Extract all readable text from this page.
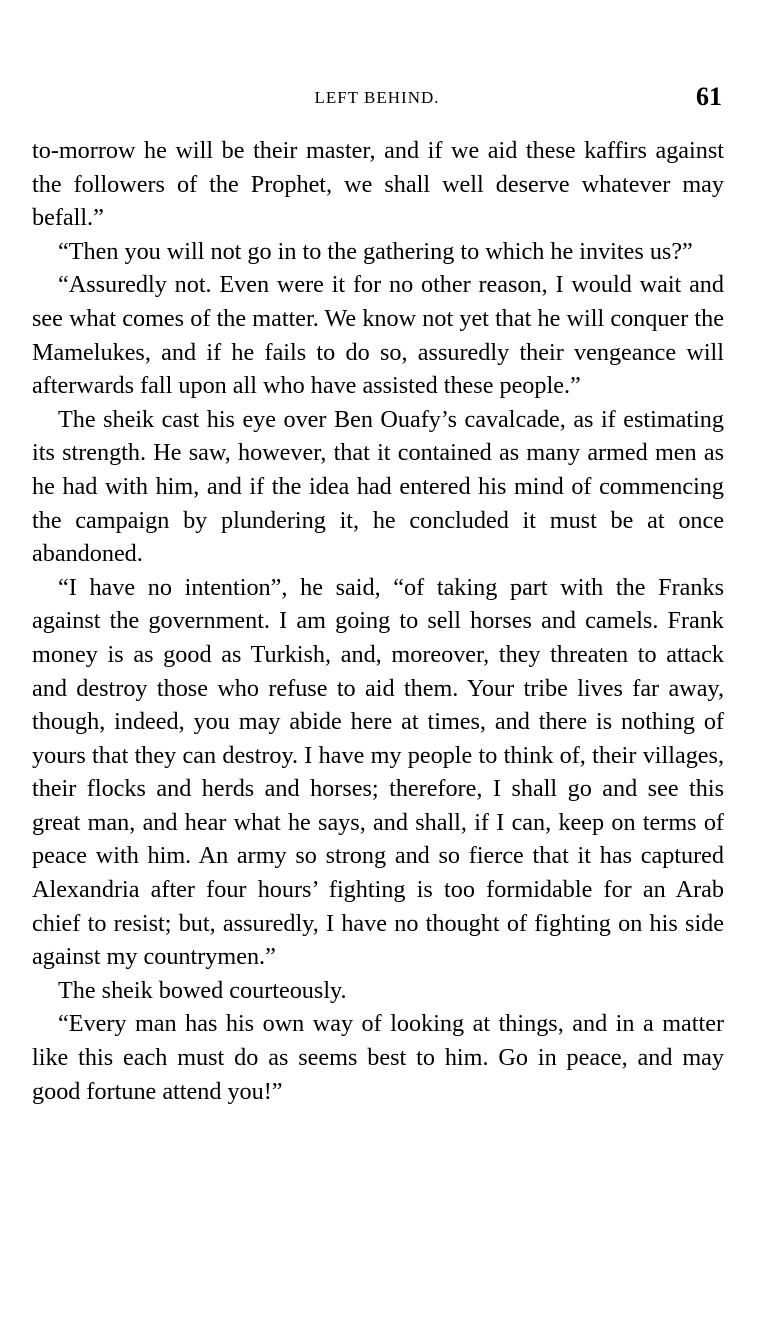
LEFT BEHIND.	61

to-morrow he will be their master, and if we aid these kaffirs against the followers of the Prophet, we shall well deserve whatever may befall.”

“Then you will not go in to the gathering to which he invites us?”

“Assuredly not. Even were it for no other reason, I would wait and see what comes of the matter. We know not yet that he will conquer the Mamelukes, and if he fails to do so, assuredly their vengeance will afterwards fall upon all who have assisted these people.”

The sheik cast his eye over Ben Ouafy’s cavalcade, as if estimating its strength. He saw, however, that it contained as many armed men as he had with him, and if the idea had entered his mind of commencing the campaign by plundering it, he concluded it must be at once abandoned.

“I have no intention”, he said, “of taking part with the Franks against the government. I am going to sell horses and camels. Frank money is as good as Turkish, and, moreover, they threaten to attack and destroy those who refuse to aid them. Your tribe lives far away, though, indeed, you may abide here at times, and there is nothing of yours that they can destroy. I have my people to think of, their villages, their flocks and herds and horses; therefore, I shall go and see this great man, and hear what he says, and shall, if I can, keep on terms of peace with him. An army so strong and so fierce that it has captured Alexandria after four hours’ fighting is too formidable for an Arab chief to resist; but, assuredly, I have no thought of fighting on his side against my countrymen.”

The sheik bowed courteously.

“Every man has his own way of looking at things, and in a matter like this each must do as seems best to him. Go in peace, and may good fortune attend you!”
